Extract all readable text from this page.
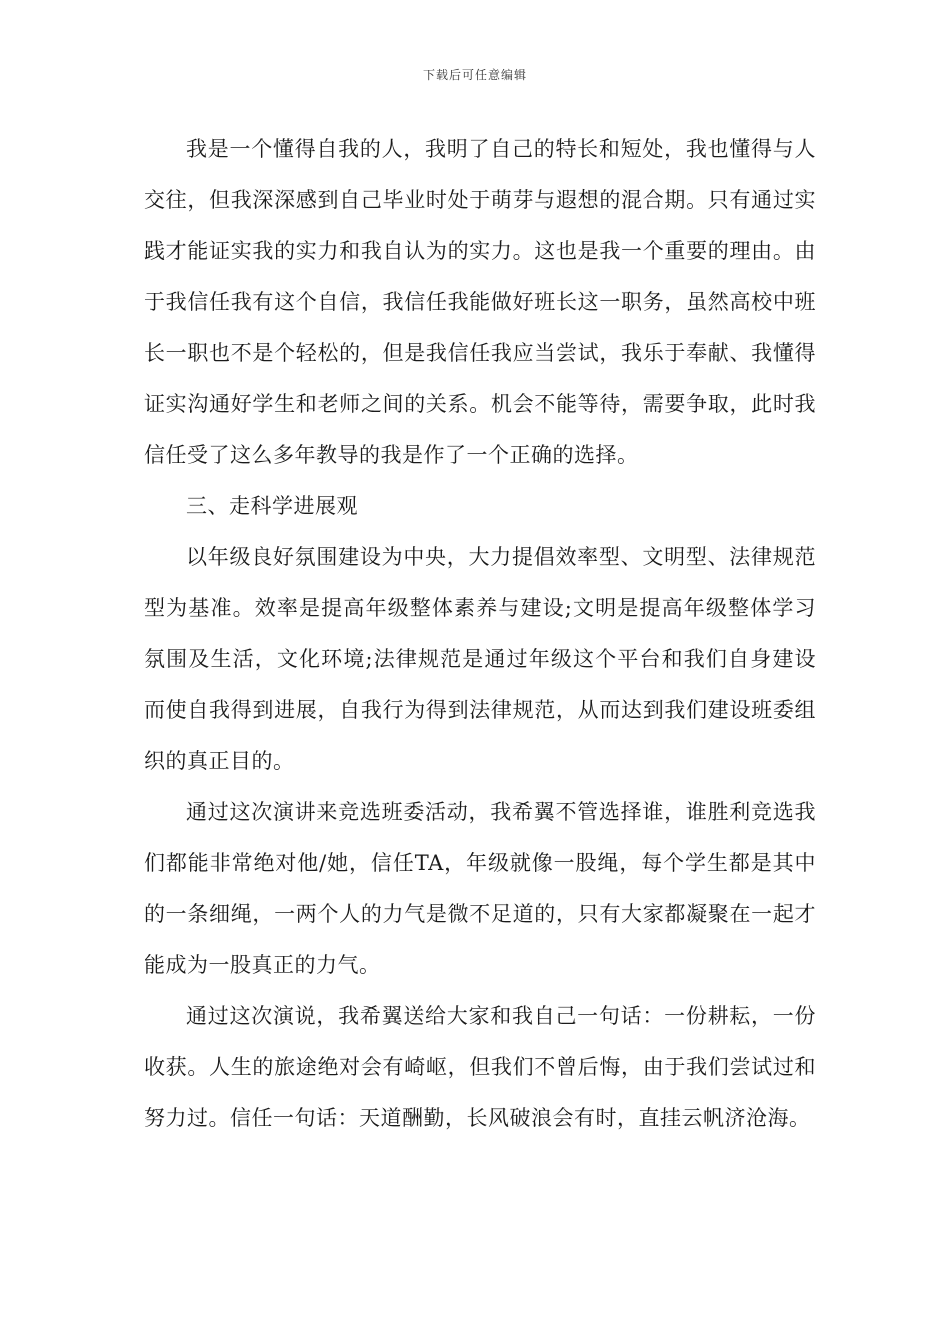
下载后可任意编辑

我是一个懂得自我的人，我明了自己的特长和短处，我也懂得与人交往，但我深深感到自己毕业时处于萌芽与遐想的混合期。只有通过实践才能证实我的实力和我自认为的实力。这也是我一个重要的理由。由于我信任我有这个自信，我信任我能做好班长这一职务，虽然高校中班长一职也不是个轻松的，但是我信任我应当尝试，我乐于奉献、我懂得证实沟通好学生和老师之间的关系。机会不能等待，需要争取，此时我信任受了这么多年教导的我是作了一个正确的选择。

三、走科学进展观

以年级良好氛围建设为中央，大力提倡效率型、文明型、法律规范型为基准。效率是提高年级整体素养与建设;文明是提高年级整体学习氛围及生活，文化环境;法律规范是通过年级这个平台和我们自身建设而使自我得到进展，自我行为得到法律规范，从而达到我们建设班委组织的真正目的。

通过这次演讲来竞选班委活动，我希翼不管选择谁，谁胜利竞选我们都能非常绝对他/她，信任TA，年级就像一股绳，每个学生都是其中的一条细绳，一两个人的力气是微不足道的，只有大家都凝聚在一起才能成为一股真正的力气。

通过这次演说，我希翼送给大家和我自己一句话：一份耕耘，一份收获。人生的旅途绝对会有崎岖，但我们不曾后悔，由于我们尝试过和努力过。信任一句话：天道酬勤，长风破浪会有时，直挂云帆济沧海。
